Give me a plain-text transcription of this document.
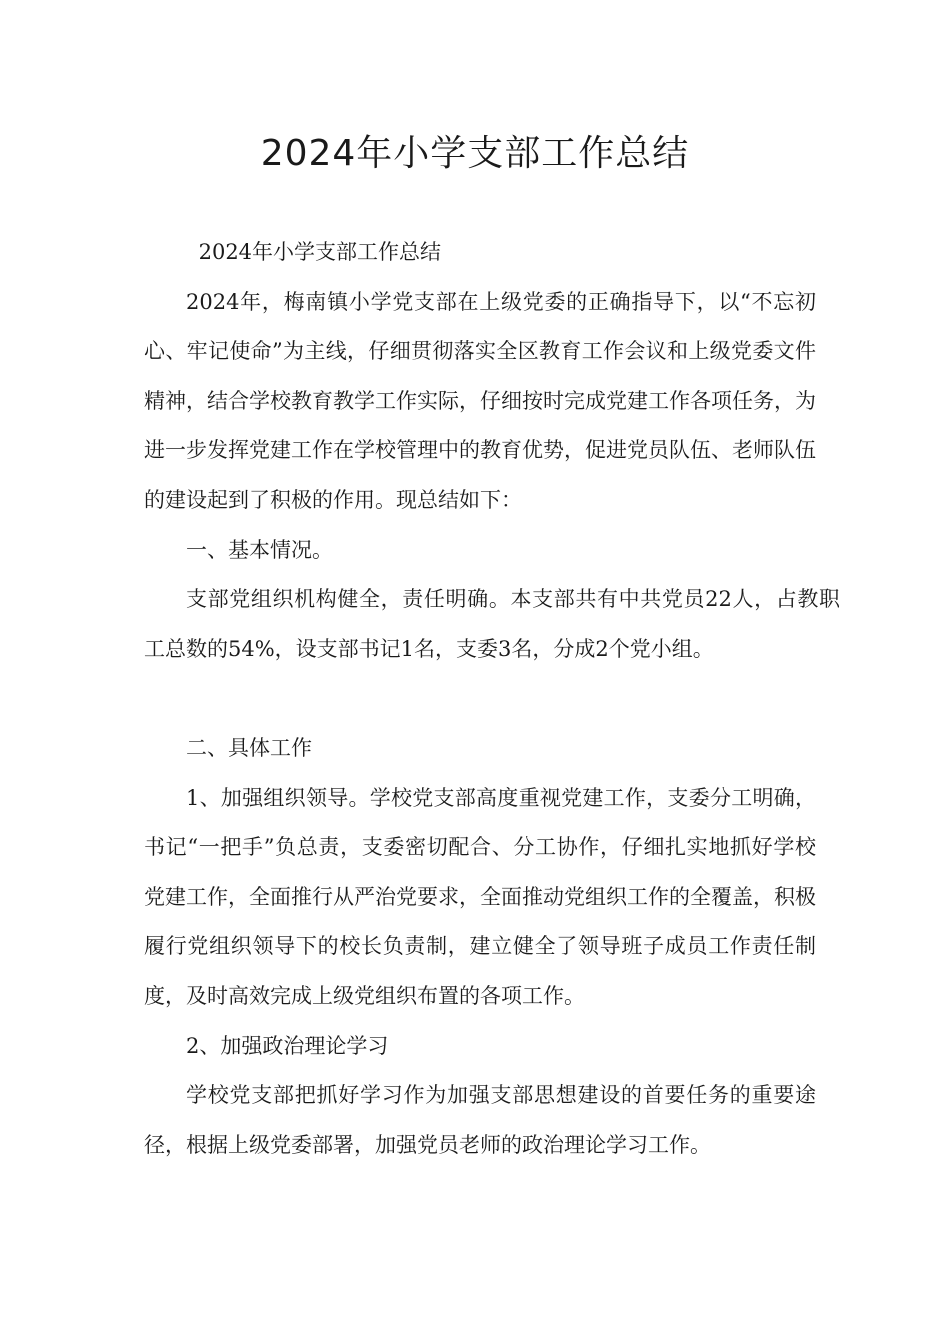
2024年小学支部工作总结

2024年小学支部工作总结

2024年，梅南镇小学党支部在上级党委的正确指导下，以“不忘初心、牢记使命”为主线，仔细贯彻落实全区教育工作会议和上级党委文件精神，结合学校教育教学工作实际，仔细按时完成党建工作各项任务，为进一步发挥党建工作在学校管理中的教育优势，促进党员队伍、老师队伍的建设起到了积极的作用。现总结如下：

一、基本情况。

支部党组织机构健全，责任明确。本支部共有中共党员22人，占教职工总数的54%，设支部书记1名，支委3名，分成2个党小组。

二、具体工作

1、加强组织领导。学校党支部高度重视党建工作，支委分工明确，书记“一把手”负总责，支委密切配合、分工协作，仔细扎实地抓好学校党建工作，全面推行从严治党要求，全面推动党组织工作的全覆盖，积极履行党组织领导下的校长负责制，建立健全了领导班子成员工作责任制度，及时高效完成上级党组织布置的各项工作。

2、加强政治理论学习

学校党支部把抓好学习作为加强支部思想建设的首要任务的重要途径，根据上级党委部署，加强党员老师的政治理论学习工作。
